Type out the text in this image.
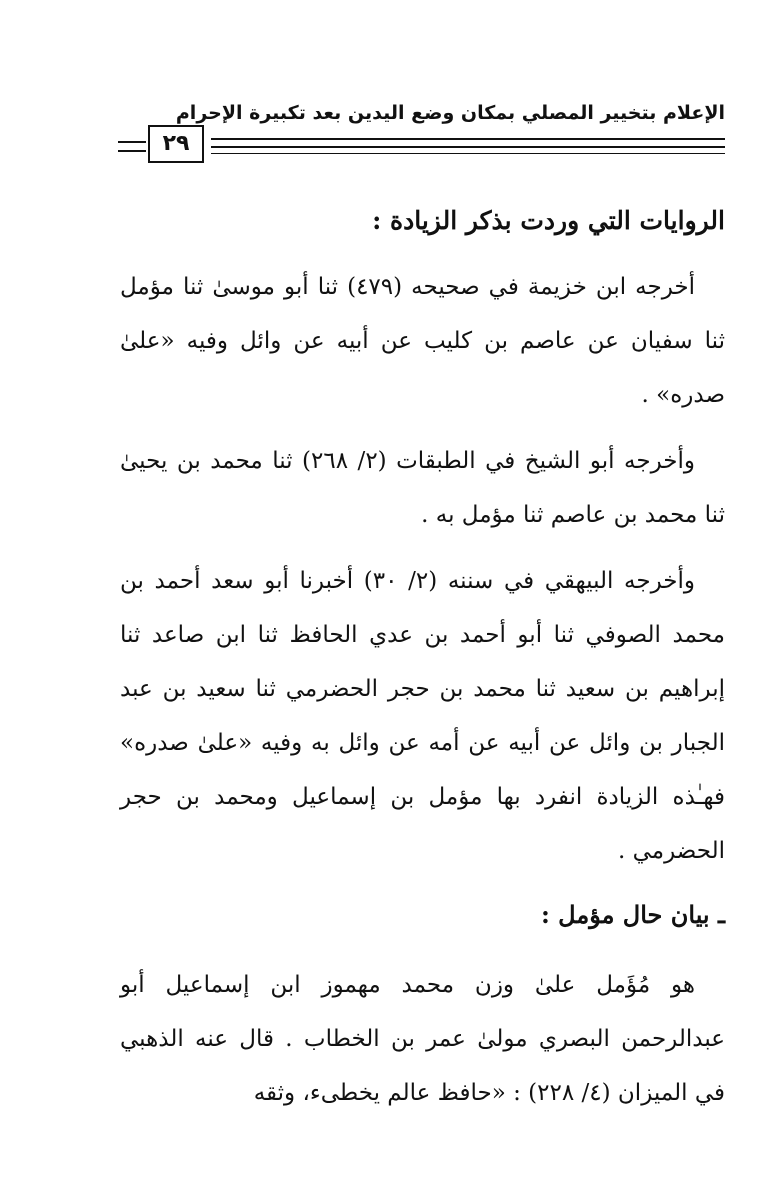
الإعلام بتخيير المصلي بمكان وضع اليدين بعد تكبيرة الإحرام
٢٩
الروايات التي وردت بذكر الزيادة :

أخرجه ابن خزيمة في صحيحه (٤٧٩) ثنا أبو موسىٰ ثنا مؤمل ثنا سفيان عن عاصم بن كليب عن أبيه عن وائل وفيه «علىٰ صدره» .

وأخرجه أبو الشيخ في الطبقات (٢/ ٢٦٨) ثنا محمد بن يحيىٰ ثنا محمد بن عاصم ثنا مؤمل به .

وأخرجه البيهقي في سننه (٢/ ٣٠) أخبرنا أبو سعد أحمد بن محمد الصوفي ثنا أبو أحمد بن عدي الحافظ ثنا ابن صاعد ثنا إبراهيم بن سعيد ثنا محمد بن حجر الحضرمي ثنا سعيد بن عبد الجبار بن وائل عن أبيه عن أمه عن وائل به وفيه «علىٰ صدره» فهـٰذه الزيادة انفرد بها مؤمل بن إسماعيل ومحمد بن حجر الحضرمي .

ـ بيان حال مؤمل :

هو مُؤَمل علىٰ وزن محمد مهموز ابن إسماعيل أبو عبدالرحمن البصري مولىٰ عمر بن الخطاب . قال عنه الذهبي في الميزان (٤/ ٢٢٨) : «حافظ عالم يخطىء، وثقه
